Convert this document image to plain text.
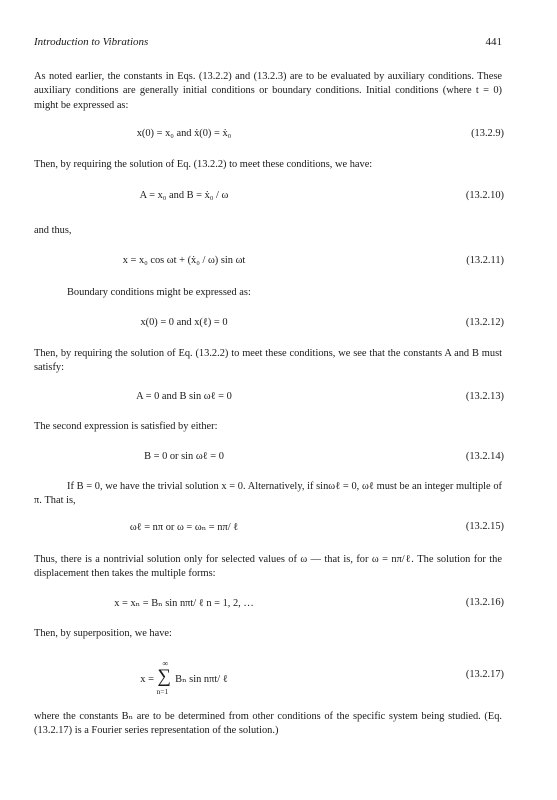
Introduction to Vibrations	441

As noted earlier, the constants in Eqs. (13.2.2) and (13.2.3) are to be evaluated by auxiliary conditions. These auxiliary conditions are generally initial conditions or boundary conditions. Initial conditions (where t = 0) might be expressed as:

x(0) = x₀ and ẋ(0) = ẋ₀	(13.2.9)

Then, by requiring the solution of Eq. (13.2.2) to meet these conditions, we have:

A = x₀ and B = ẋ₀ / ω	(13.2.10)

and thus,

x = x₀ cos ωt + (ẋ₀ / ω) sin ωt	(13.2.11)

Boundary conditions might be expressed as:

x(0) = 0 and x(ℓ) = 0	(13.2.12)

Then, by requiring the solution of Eq. (13.2.2) to meet these conditions, we see that the constants A and B must satisfy:

A = 0 and B sin ωℓ = 0	(13.2.13)

The second expression is satisfied by either:

B = 0 or sin ωℓ = 0	(13.2.14)

If B = 0, we have the trivial solution x = 0. Alternatively, if sinωℓ = 0, ωℓ must be an integer multiple of π. That is,

ωℓ = nπ or ω = ωₙ = nπ/ ℓ	(13.2.15)

Thus, there is a nontrivial solution only for selected values of ω — that is, for ω = nπ/ℓ. The solution for the displacement then takes the multiple forms:

x = xₙ = Bₙ sin nπt/ ℓ n = 1, 2, …	(13.2.16)

Then, by superposition, we have:

x =
∞
∑
n=1
Bₙ sin nπt/ ℓ	(13.2.17)

where the constants Bₙ are to be determined from other conditions of the specific system being studied. (Eq. (13.2.17) is a Fourier series representation of the solution.)
